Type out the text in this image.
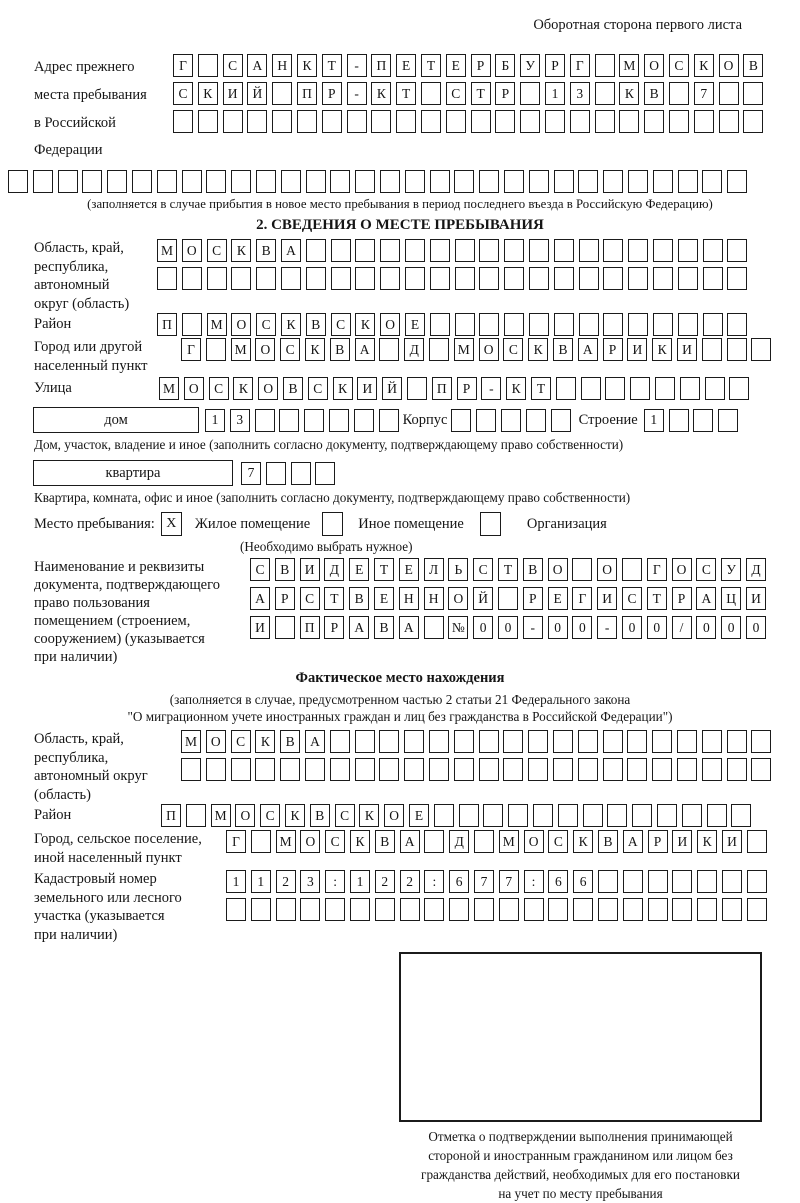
Оборотная сторона первого листа
Адрес прежнего
места пребывания
в Российской
Федерации
Г	С	А	Н	К	Т	-	П	Е	Т	Е	Р	Б	У	Р	Г	М	О	С	К	О	В
С	К	И	Й	П	Р	-	К	Т	С	Т	Р	1	3	К	В	7
(заполняется в случае прибытия в новое место пребывания в период последнего въезда в Российскую Федерацию)
2. СВЕДЕНИЯ О МЕСТЕ ПРЕБЫВАНИЯ
Область, край,
республика,
автономный
округ (область)
М	О	С	К	В	А
Район	П	М	О	С	К	В	С	К	О	Е
Город или другой
населенный пункт
Г	М	О	С	К	В	А	Д	М	О	С	К	В	А	Р	И	К	И
Улица	М	О	С	К	О	В	С	К	И	Й	П	Р	-	К	Т
дом	1	3	Корпус	Строение 1
Дом, участок, владение и иное (заполнить согласно документу, подтверждающему право собственности)
квартира	7
Квартира, комната, офис и иное (заполнить согласно документу, подтверждающему право собственности)
Место пребывания: X	Жилое помещение	Иное помещение	Организация
(Необходимо выбрать нужное)
Наименование и реквизиты
документа, подтверждающего
право пользования
помещением (строением,
сооружением) (указывается
при наличии)
С	В	И	Д	Е	Т	Е	Л	Ь	С	Т	В	О	О	Г	О	С	У	Д
А	Р	С	Т	В	Е	Н	Н	О	Й	Р	Е	Г	И	С	Т	Р	А	Ц	И
И	П	Р	А	В	А	№	0	0	-	0	0	-	0	0	/	0	0	0
Фактическое место нахождения
(заполняется в случае, предусмотренном частью 2 статьи 21 Федерального закона
"О миграционном учете иностранных граждан и лиц без гражданства в Российской Федерации")
Область, край,
республика,
автономный округ
(область)
М	О	С	К	В	А
Район	П	М	О	С	К	В	С	К	О	Е
Город, сельское поселение,
иной населенный пункт
Г	М	О	С	К	В	А	Д	М	О	С	К	В	А	Р	И	К	И
Кадастровый номер
земельного или лесного
участка (указывается
при наличии)
1	1	2	3	:	1	2	2	:	6	7	7	:	6	6
Отметка о подтверждении выполнения принимающей
стороной и иностранным гражданином или лицом без
гражданства действий, необходимых для его постановки
на учет по месту пребывания
